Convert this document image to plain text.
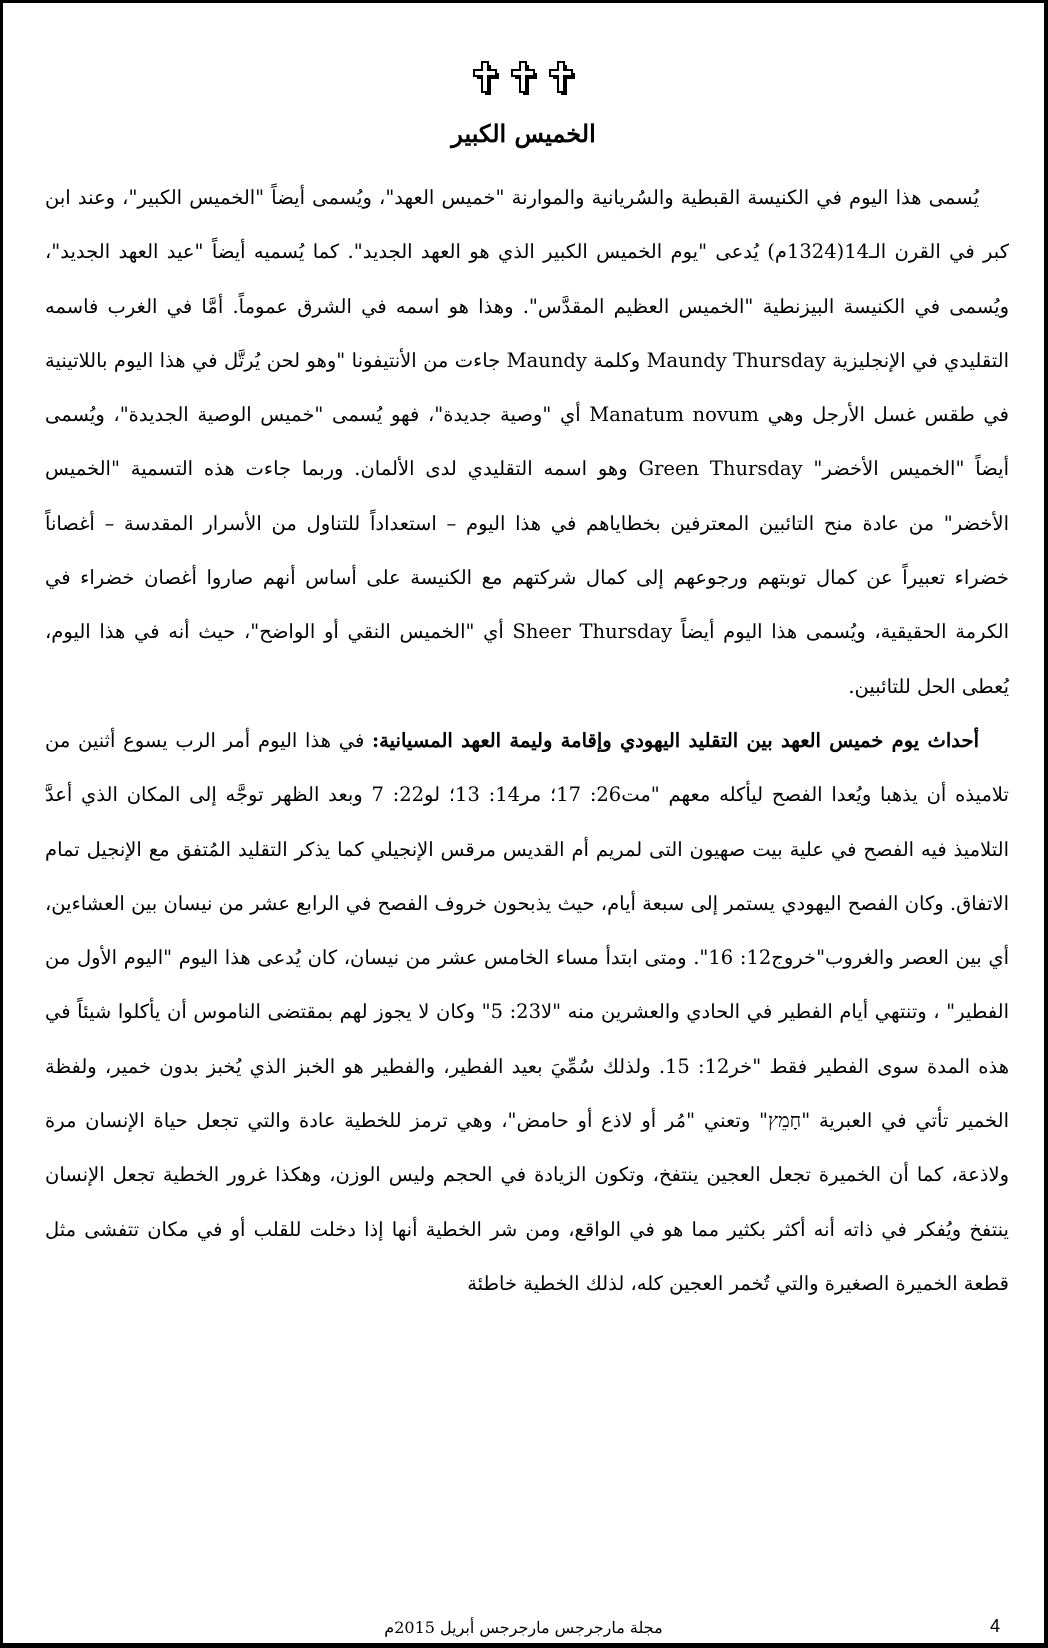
الخميس الكبير

يُسمى هذا اليوم في الكنيسة القبطية والسُريانية والموارنة "خميس العهد"، ويُسمى أيضاً "الخميس الكبير"، وعند ابن كبر في القرن الـ14(1324م) يُدعى "يوم الخميس الكبير الذي هو العهد الجديد". كما يُسميه أيضاً "عيد العهد الجديد"، ويُسمى في الكنيسة البيزنطية "الخميس العظيم المقدَّس". وهذا هو اسمه في الشرق عموماً. أمَّا في الغرب فاسمه التقليدي في الإنجليزية Maundy Thursday وكلمة Maundy جاءت من الأنتيفونا "وهو لحن يُرتَّل في هذا اليوم باللاتينية في طقس غسل الأرجل وهي Manatum novum أي "وصية جديدة"، فهو يُسمى "خميس الوصية الجديدة"، ويُسمى أيضاً "الخميس الأخضر" Green Thursday وهو اسمه التقليدي لدى الألمان. وربما جاءت هذه التسمية "الخميس الأخضر" من عادة منح التائبين المعترفين بخطاياهم في هذا اليوم – استعداداً للتناول من الأسرار المقدسة – أغصاناً خضراء تعبيراً عن كمال توبتهم ورجوعهم إلى كمال شركتهم مع الكنيسة على أساس أنهم صاروا أغصان خضراء في الكرمة الحقيقية، ويُسمى هذا اليوم أيضاً Sheer Thursday أي "الخميس النقي أو الواضح"، حيث أنه في هذا اليوم، يُعطى الحل للتائبين.

أحداث يوم خميس العهد بين التقليد اليهودي وإقامة وليمة العهد المسيانية: في هذا اليوم أمر الرب يسوع أثنين من تلاميذه أن يذهبا ويُعدا الفصح ليأكله معهم "مت26: 17؛ مر14: 13؛ لو22: 7 وبعد الظهر توجَّه إلى المكان الذي أعدَّ التلاميذ فيه الفصح في علية بيت صهيون التى لمريم أم القديس مرقس الإنجيلي كما يذكر التقليد المُتفق مع الإنجيل تمام الاتفاق. وكان الفصح اليهودي يستمر إلى سبعة أيام، حيث يذبحون خروف الفصح في الرابع عشر من نيسان بين العشاءين، أي بين العصر والغروب"خروج12: 16". ومتى ابتدأ مساء الخامس عشر من نيسان، كان يُدعى هذا اليوم "اليوم الأول من الفطير" ، وتنتهي أيام الفطير في الحادي والعشرين منه "لا23: 5" وكان لا يجوز لهم بمقتضى الناموس أن يأكلوا شيئاً في هذه المدة سوى الفطير فقط "خر12: 15. ولذلك سُمِّيَ بعيد الفطير، والفطير هو الخبز الذي يُخبز بدون خمير، ولفظة الخمير تأتي في العبرية "חָמֵץ" وتعني "مُر أو لاذع أو حامض"، وهي ترمز للخطية عادة والتي تجعل حياة الإنسان مرة ولاذعة، كما أن الخميرة تجعل العجين ينتفخ، وتكون الزيادة في الحجم وليس الوزن، وهكذا غرور الخطية تجعل الإنسان ينتفخ ويُفكر في ذاته أنه أكثر بكثير مما هو في الواقع، ومن شر الخطية أنها إذا دخلت للقلب أو في مكان تتفشى مثل قطعة الخميرة الصغيرة والتي تُخمر العجين كله، لذلك الخطية خاطئة

مجلة مارجرجس مارجرجس أبريل 2015م	4
